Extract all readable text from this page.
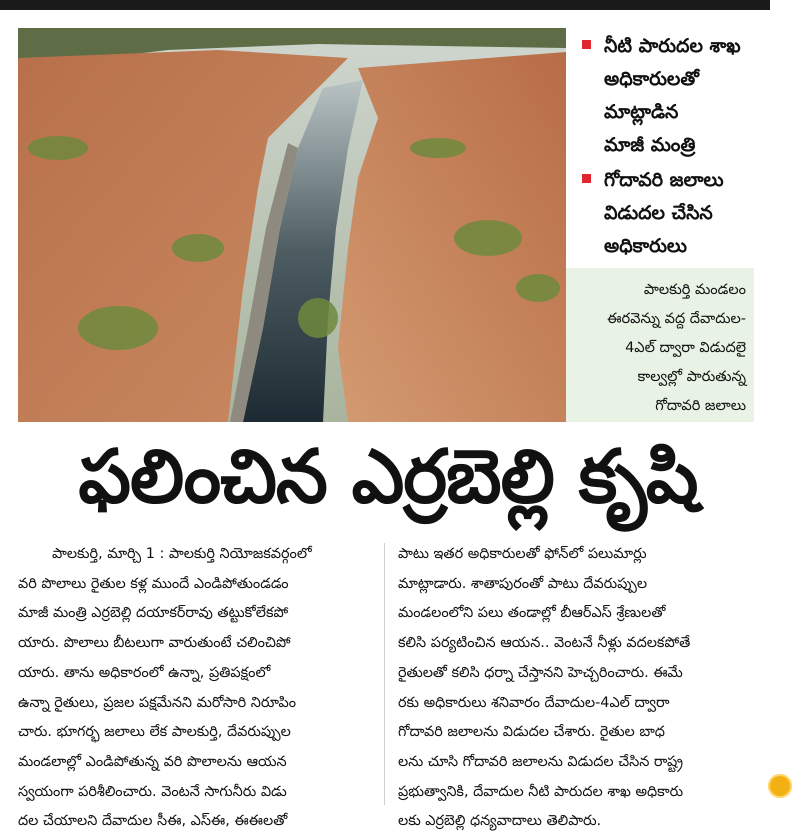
నీటి పారుదల శాఖ
అధికారులతో
మాట్లాడిన
మాజీ మంత్రి
గోదావరి జలాలు
విడుదల చేసిన
అధికారులు
పాలకుర్తి మండలం
ఈరవెన్ను వద్ద దేవాదుల-
4ఎల్ ద్వారా విడుదలై
కాల్వల్లో పారుతున్న
గోదావరి జలాలు
ఫలించిన ఎర్రబెల్లి కృషి
పాలకుర్తి, మార్చి 1 : పాలకుర్తి నియోజకవర్గంలో
వరి పొలాలు రైతుల కళ్ల ముందే ఎండిపోతుండడం
మాజీ మంత్రి ఎర్రబెల్లి దయాకర్‌రావు తట్టుకోలేకపో
యారు. పొలాలు బీటలుగా వారుతుంటే చలించిపో
యారు. తాను అధికారంలో ఉన్నా, ప్రతిపక్షంలో
ఉన్నా రైతులు, ప్రజల పక్షమేనని మరోసారి నిరూపిం
చారు. భూగర్భ జలాలు లేక పాలకుర్తి, దేవరుప్పుల
మండలాల్లో ఎండిపోతున్న వరి పొలాలను ఆయన
స్వయంగా పరిశీలించారు. వెంటనే సాగునీరు విడు
దల చేయాలని దేవాదుల సీఈ, ఎస్‌ఈ, ఈఈలతో
పాటు ఇతర అధికారులతో ఫోన్‌లో పలుమార్లు
మాట్లాడారు. శాతాపురంతో పాటు దేవరుప్పుల
మండలంలోని పలు తండాల్లో బీఆర్‌ఎస్ శ్రేణులతో
కలిసి పర్యటించిన ఆయన.. వెంటనే నీళ్లు వదలకపోతే
రైతులతో కలిసి ధర్నా చేస్తానని హెచ్చరించారు. ఈమే
రకు అధికారులు శనివారం దేవాదుల-4ఎల్ ద్వారా
గోదావరి జలాలను విడుదల చేశారు. రైతుల బాధ
లను చూసి గోదావరి జలాలను విడుదల చేసిన రాష్ట్ర
ప్రభుత్వానికి, దేవాదుల నీటి పారుదల శాఖ అధికారు
లకు ఎర్రబెల్లి ధన్యవాదాలు తెలిపారు.
